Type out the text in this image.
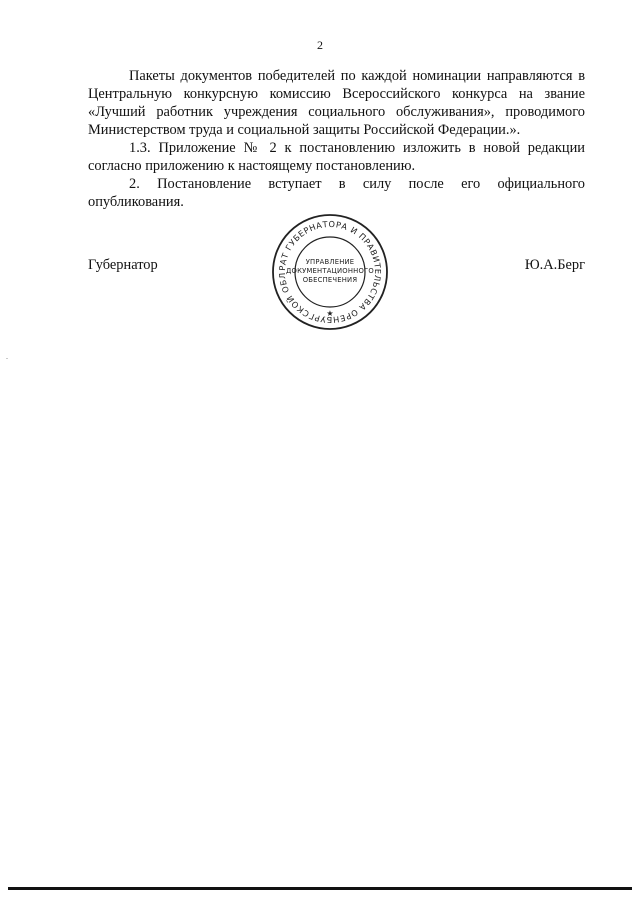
2

Пакеты документов победителей по каждой номинации направляются в Центральную конкурсную комиссию Всероссийского конкурса на звание «Лучший работник учреждения социального обслуживания», проводимого Министерством труда и социальной защиты Российской Федерации.».

1.3. Приложение № 2 к постановлению изложить в новой редакции согласно приложению к настоящему постановлению.

2. Постановление вступает в силу после его официального опубликования.

Губернатор	Ю.А.Берг
РАТ ГУБЕРНАТОРА И ПРАВИТЕЛЬСТВА ОРЕНБУРГСКОЙ ОБЛ
★
УПРАВЛЕНИЕ
ДОКУМЕНТАЦИОННОГО
ОБЕСПЕЧЕНИЯ
.
